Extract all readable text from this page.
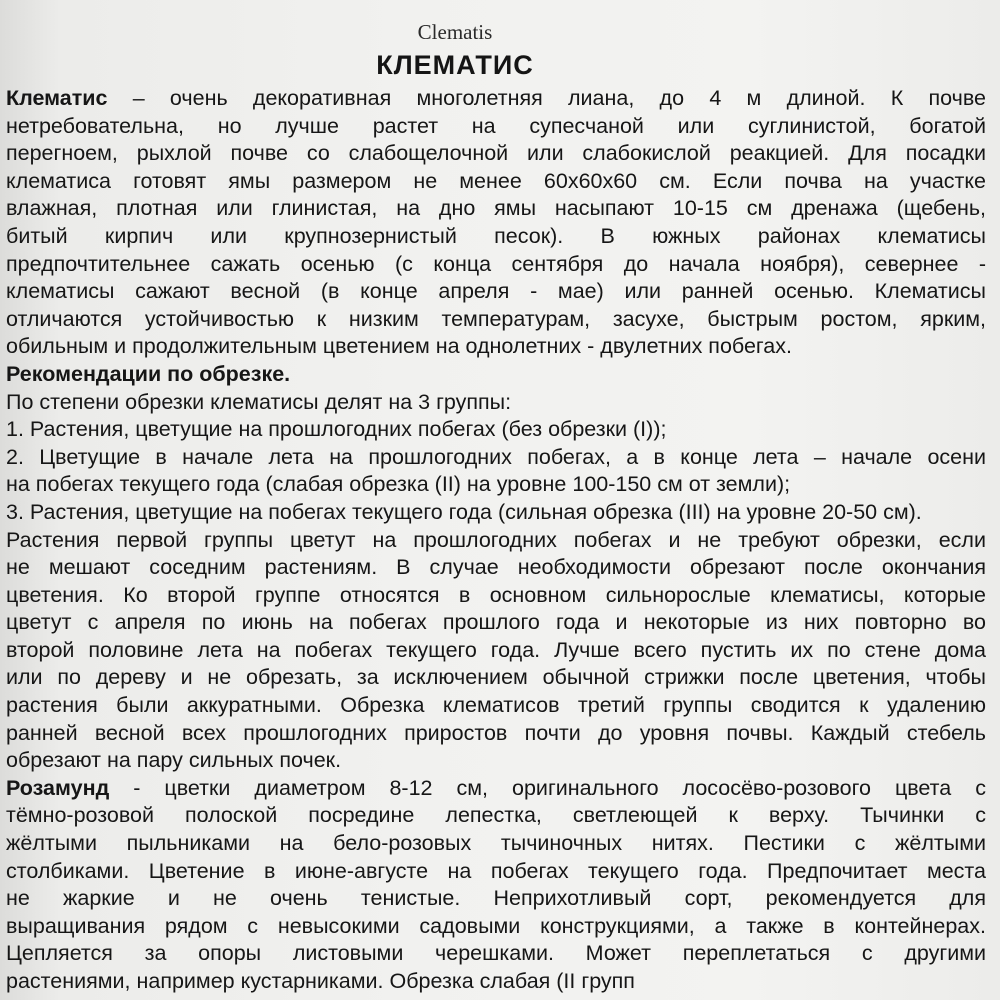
Clematis
КЛЕМАТИС
Клематис – очень декоративная многолетняя лиана, до 4 м длиной. К почве
нетребовательна, но лучше растет на супесчаной или суглинистой, богатой
перегноем, рыхлой почве со слабощелочной или слабокислой реакцией. Для посадки
клематиса готовят ямы размером не менее 60х60х60 см. Если почва на участке
влажная, плотная или глинистая, на дно ямы насыпают 10-15 см дренажа (щебень,
битый кирпич или крупнозернистый песок). В южных районах клематисы
предпочтительнее сажать осенью (с конца сентября до начала ноября), севернее -
клематисы сажают весной (в конце апреля - мае) или ранней осенью. Клематисы
отличаются устойчивостью к низким температурам, засухе, быстрым ростом, ярким,
обильным и продолжительным цветением на однолетних - двулетних побегах.
Рекомендации по обрезке.
По степени обрезки клематисы делят на 3 группы:
1. Растения, цветущие на прошлогодних побегах (без обрезки (I));
2. Цветущие в начале лета на прошлогодних побегах, а в конце лета – начале осени
на побегах текущего года (слабая обрезка (II) на уровне 100-150 см от земли);
3. Растения, цветущие на побегах текущего года (сильная обрезка (III) на уровне 20-50 см).
Растения первой группы цветут на прошлогодних побегах и не требуют обрезки, если
не мешают соседним растениям. В случае необходимости обрезают после окончания
цветения. Ко второй группе относятся в основном сильнорослые клематисы, которые
цветут с апреля по июнь на побегах прошлого года и некоторые из них повторно во
второй половине лета на побегах текущего года. Лучше всего пустить их по стене дома
или по дереву и не обрезать, за исключением обычной стрижки после цветения, чтобы
растения были аккуратными. Обрезка клематисов третий группы сводится к удалению
ранней весной всех прошлогодних приростов почти до уровня почвы. Каждый стебель
обрезают на пару сильных почек.
Розамунд - цветки диаметром 8-12 см, оригинального лососёво-розового цвета с
тёмно-розовой полоской посредине лепестка, светлеющей к верху. Тычинки с
жёлтыми пыльниками на бело-розовых тычиночных нитях. Пестики с жёлтыми
столбиками. Цветение в июне-августе на побегах текущего года. Предпочитает места
не жаркие и не очень тенистые. Неприхотливый сорт, рекомендуется для
выращивания рядом с невысокими садовыми конструкциями, а также в контейнерах.
Цепляется за опоры листовыми черешками. Может переплетаться с другими
растениями, например кустарниками. Обрезка слабая (II групп
